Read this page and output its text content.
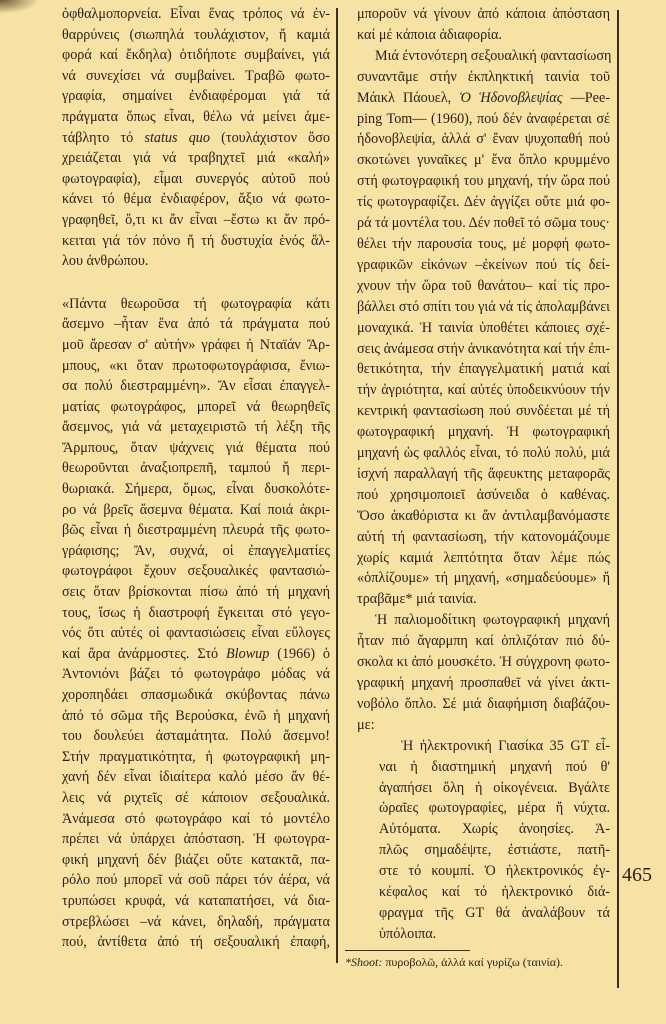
ὀφθαλμοπορνεία. Εἶναι ἕνας τρόπος νά ἐν-
θαρρύνεις (σιωπηλά τουλάχιστον, ἤ καμιά
φορά καί ἔκδηλα) ὁτιδήποτε συμβαίνει, γιά
νά συνεχίσει νά συμβαίνει. Τραβῶ φωτο-
γραφία, σημαίνει ἐνδιαφέρομαι γιά τά
πράγματα ὅπως εἶναι, θέλω νά μείνει ἀμε-
τάβλητο τό status quo (τουλάχιστον ὅσο
χρειάζεται γιά νά τραβηχτεῖ μιά «καλή»
φωτογραφία), εἶμαι συνεργός αὐτοῦ πού
κάνει τό θέμα ἐνδιαφέρον, ἄξιο νά φωτο-
γραφηθεῖ, ὅ,τι κι ἄν εἶναι –ἔστω κι ἄν πρό-
κειται γιά τόν πόνο ἤ τή δυστυχία ἑνός ἄλ-
λου ἀνθρώπου.
«Πάντα θεωροῦσα τή φωτογραφία κάτι
ἄσεμνο –ἦταν ἕνα ἀπό τά πράγματα πού
μοῦ ἄρεσαν σ' αὐτήν» γράφει ἡ Νταϊάν Ἄρ-
μπους, «κι ὅταν πρωτοφωτογράφισα, ἔνιω-
σα πολύ διεστραμμένη». Ἄν εἶσαι ἐπαγγελ-
ματίας φωτογράφος, μπορεῖ νά θεωρηθεῖς
ἄσεμνος, γιά νά μεταχειριστῶ τή λέξη τῆς
Ἄρμπους, ὅταν ψάχνεις γιά θέματα πού
θεωροῦνται ἀναξιοπρεπῆ, ταμπού ἤ περι-
θωριακά. Σήμερα, ὅμως, εἶναι δυσκολότε-
ρο νά βρεῖς ἄσεμνα θέματα. Καί ποιά ἀκρι-
βῶς εἶναι ἡ διεστραμμένη πλευρά τῆς φωτο-
γράφισης; Ἄν, συχνά, οἱ ἐπαγγελματίες
φωτογράφοι ἔχουν σεξουαλικές φαντασιώ-
σεις ὅταν βρίσκονται πίσω ἀπό τή μηχανή
τους, ἴσως ἡ διαστροφή ἔγκειται στό γεγο-
νός ὅτι αὐτές οἱ φαντασιώσεις εἶναι εὔλογες
καί ἄρα ἀνάρμοστες. Στό Blowup (1966) ὁ
Ἀντονιόνι βάζει τό φωτογράφο μόδας νά
χοροπηδάει σπασμωδικά σκύβοντας πάνω
ἀπό τό σῶμα τῆς Βερούσκα, ἐνῶ ἡ μηχανή
του δουλεύει ἀσταμάτητα. Πολύ ἄσεμνο!
Στήν πραγματικότητα, ἡ φωτογραφική μη-
χανή δέν εἶναι ἰδιαίτερα καλό μέσο ἄν θέ-
λεις νά ριχτεῖς σέ κάποιον σεξουαλικά.
Ἀνάμεσα στό φωτογράφο καί τό μοντέλο
πρέπει νά ὑπάρχει ἀπόσταση. Ἡ φωτογρα-
φική μηχανή δέν βιάζει οὔτε κατακτᾶ, πα-
ρόλο πού μπορεῖ νά σοῦ πάρει τόν ἀέρα, νά
τρυπώσει κρυφά, νά καταπατήσει, νά δια-
στρεβλώσει –νά κάνει, δηλαδή, πράγματα
πού, ἀντίθετα ἀπό τή σεξουαλική ἐπαφή,
μποροῦν νά γίνουν ἀπό κάποια ἀπόσταση
καί μέ κάποια ἀδιαφορία.
Μιά ἐντονότερη σεξουαλική φαντασίωση
συναντᾶμε στήν ἐκπληκτική ταινία τοῦ
Μάικλ Πάουελ, Ὁ Ἡδονοβλεψίας —Pee-
ping Tom— (1960), πού δέν ἀναφέρεται σέ
ἡδονοβλεψία, ἀλλά σ' ἕναν ψυχοπαθή πού
σκοτώνει γυναῖκες μ' ἕνα ὅπλο κρυμμένο
στή φωτογραφική του μηχανή, τήν ὥρα πού
τίς φωτογραφίζει. Δέν ἀγγίζει οὔτε μιά φο-
ρά τά μοντέλα του. Δέν ποθεῖ τό σῶμα τους·
θέλει τήν παρουσία τους, μέ μορφή φωτο-
γραφικῶν εἰκόνων –ἐκείνων πού τίς δεί-
χνουν τήν ὥρα τοῦ θανάτου– καί τίς προ-
βάλλει στό σπίτι του γιά νά τίς ἀπολαμβάνει
μοναχικά. Ἡ ταινία ὑποθέτει κάποιες σχέ-
σεις ἀνάμεσα στήν ἀνικανότητα καί τήν ἐπι-
θετικότητα, τήν ἐπαγγελματική ματιά καί
τήν ἀγριότητα, καί αὐτές ὑποδεικνύουν τήν
κεντρική φαντασίωση πού συνδέεται μέ τή
φωτογραφική μηχανή. Ἡ φωτογραφική
μηχανή ὡς φαλλός εἶναι, τό πολύ πολύ, μιά
ἰσχνή παραλλαγή τῆς ἄφευκτης μεταφορᾶς
πού χρησιμοποιεῖ ἀσύνειδα ὁ καθένας.
Ὅσο ἀκαθόριστα κι ἄν ἀντιλαμβανόμαστε
αὐτή τή φαντασίωση, τήν κατονομάζουμε
χωρίς καμιά λεπτότητα ὅταν λέμε πώς
«ὁπλίζουμε» τή μηχανή, «σημαδεύουμε» ἤ
τραβᾶμε* μιά ταινία.
Ἡ παλιομοδίτικη φωτογραφική μηχανή
ἦταν πιό ἄγαρμπη καί ὁπλιζόταν πιό δύ-
σκολα κι ἀπό μουσκέτο. Ἡ σύγχρονη φωτο-
γραφική μηχανή προσπαθεῖ νά γίνει ἀκτι-
νοβόλο ὅπλο. Σέ μιά διαφήμιση διαβάζου-
με:
Ἡ ἠλεκτρονική Γιασίκα 35 GT εἶ-
ναι ἡ διαστημική μηχανή πού θ'
ἀγαπήσει ὅλη ἡ οἰκογένεια. Βγάλτε
ὡραῖες φωτογραφίες, μέρα ἤ νύχτα.
Αὐτόματα. Χωρίς ἀνοησίες. Ἁ-
πλῶς σημαδέψτε, ἐστιάστε, πατῆ-
στε τό κουμπί. Ὁ ἠλεκτρονικός ἐγ-
κέφαλος καί τό ἠλεκτρονικό διά-
φραγμα τῆς GT θά ἀναλάβουν τά
ὑπόλοιπα.
465
*Shoot: πυροβολῶ, ἀλλά καί γυρίζω (ταινία).
